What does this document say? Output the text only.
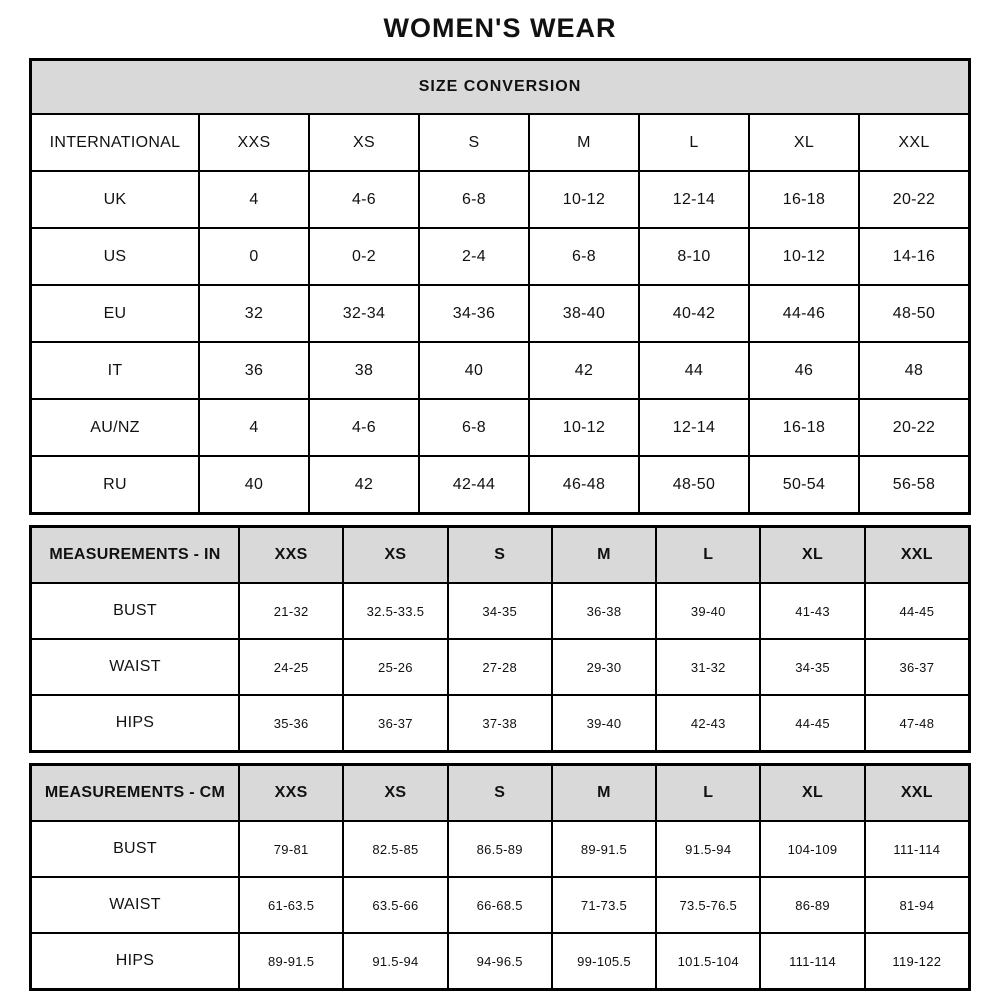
WOMEN'S WEAR
SIZE CONVERSION
INTERNATIONAL	XXS	XS	S	M	L	XL	XXL
UK	4	4-6	6-8	10-12	12-14	16-18	20-22
US	0	0-2	2-4	6-8	8-10	10-12	14-16
EU	32	32-34	34-36	38-40	40-42	44-46	48-50
IT	36	38	40	42	44	46	48
AU/NZ	4	4-6	6-8	10-12	12-14	16-18	20-22
RU	40	42	42-44	46-48	48-50	50-54	56-58
MEASUREMENTS - IN	XXS	XS	S	M	L	XL	XXL
BUST	21-32	32.5-33.5	34-35	36-38	39-40	41-43	44-45
WAIST	24-25	25-26	27-28	29-30	31-32	34-35	36-37
HIPS	35-36	36-37	37-38	39-40	42-43	44-45	47-48
MEASUREMENTS - CM	XXS	XS	S	M	L	XL	XXL
BUST	79-81	82.5-85	86.5-89	89-91.5	91.5-94	104-109	111-114
WAIST	61-63.5	63.5-66	66-68.5	71-73.5	73.5-76.5	86-89	81-94
HIPS	89-91.5	91.5-94	94-96.5	99-105.5	101.5-104	111-114	119-122
